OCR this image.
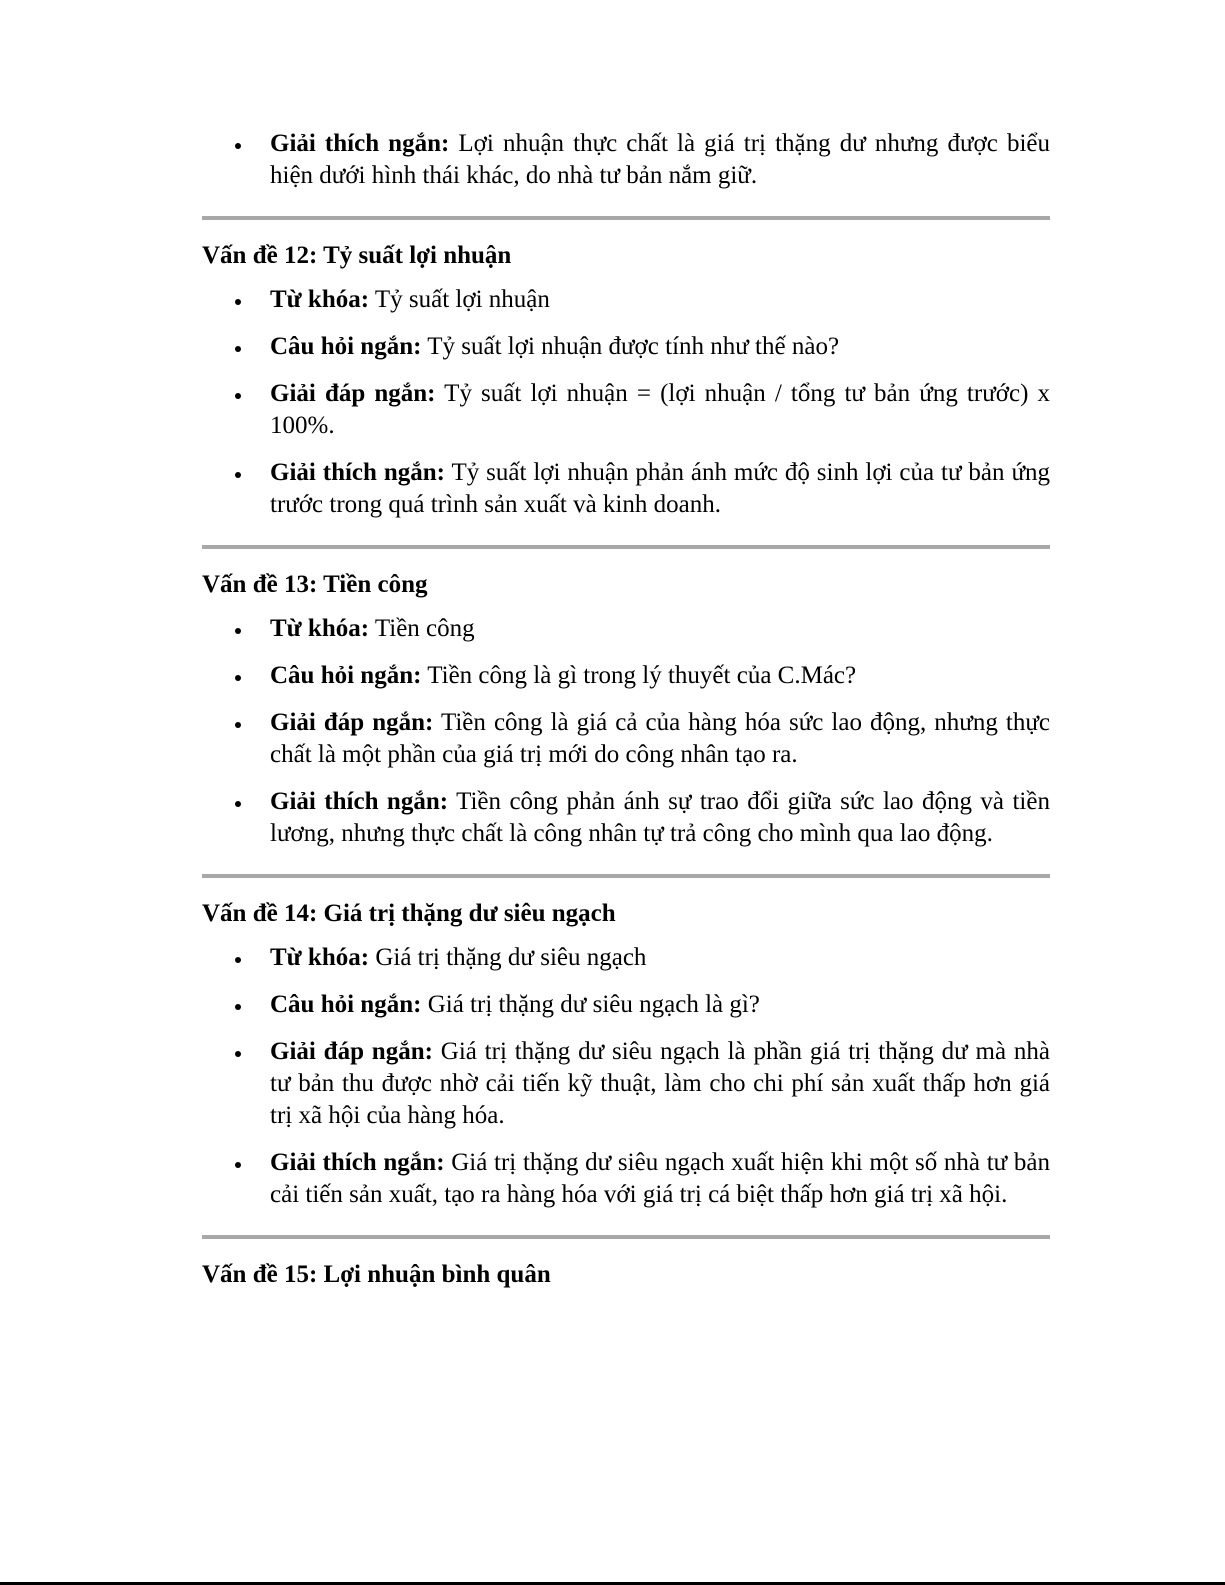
Giải thích ngắn: Lợi nhuận thực chất là giá trị thặng dư nhưng được biểu hiện dưới hình thái khác, do nhà tư bản nắm giữ.
Vấn đề 12: Tỷ suất lợi nhuận
Từ khóa: Tỷ suất lợi nhuận
Câu hỏi ngắn: Tỷ suất lợi nhuận được tính như thế nào?
Giải đáp ngắn: Tỷ suất lợi nhuận = (lợi nhuận / tổng tư bản ứng trước) x 100%.
Giải thích ngắn: Tỷ suất lợi nhuận phản ánh mức độ sinh lợi của tư bản ứng trước trong quá trình sản xuất và kinh doanh.
Vấn đề 13: Tiền công
Từ khóa: Tiền công
Câu hỏi ngắn: Tiền công là gì trong lý thuyết của C.Mác?
Giải đáp ngắn: Tiền công là giá cả của hàng hóa sức lao động, nhưng thực chất là một phần của giá trị mới do công nhân tạo ra.
Giải thích ngắn: Tiền công phản ánh sự trao đổi giữa sức lao động và tiền lương, nhưng thực chất là công nhân tự trả công cho mình qua lao động.
Vấn đề 14: Giá trị thặng dư siêu ngạch
Từ khóa: Giá trị thặng dư siêu ngạch
Câu hỏi ngắn: Giá trị thặng dư siêu ngạch là gì?
Giải đáp ngắn: Giá trị thặng dư siêu ngạch là phần giá trị thặng dư mà nhà tư bản thu được nhờ cải tiến kỹ thuật, làm cho chi phí sản xuất thấp hơn giá trị xã hội của hàng hóa.
Giải thích ngắn: Giá trị thặng dư siêu ngạch xuất hiện khi một số nhà tư bản cải tiến sản xuất, tạo ra hàng hóa với giá trị cá biệt thấp hơn giá trị xã hội.
Vấn đề 15: Lợi nhuận bình quân
